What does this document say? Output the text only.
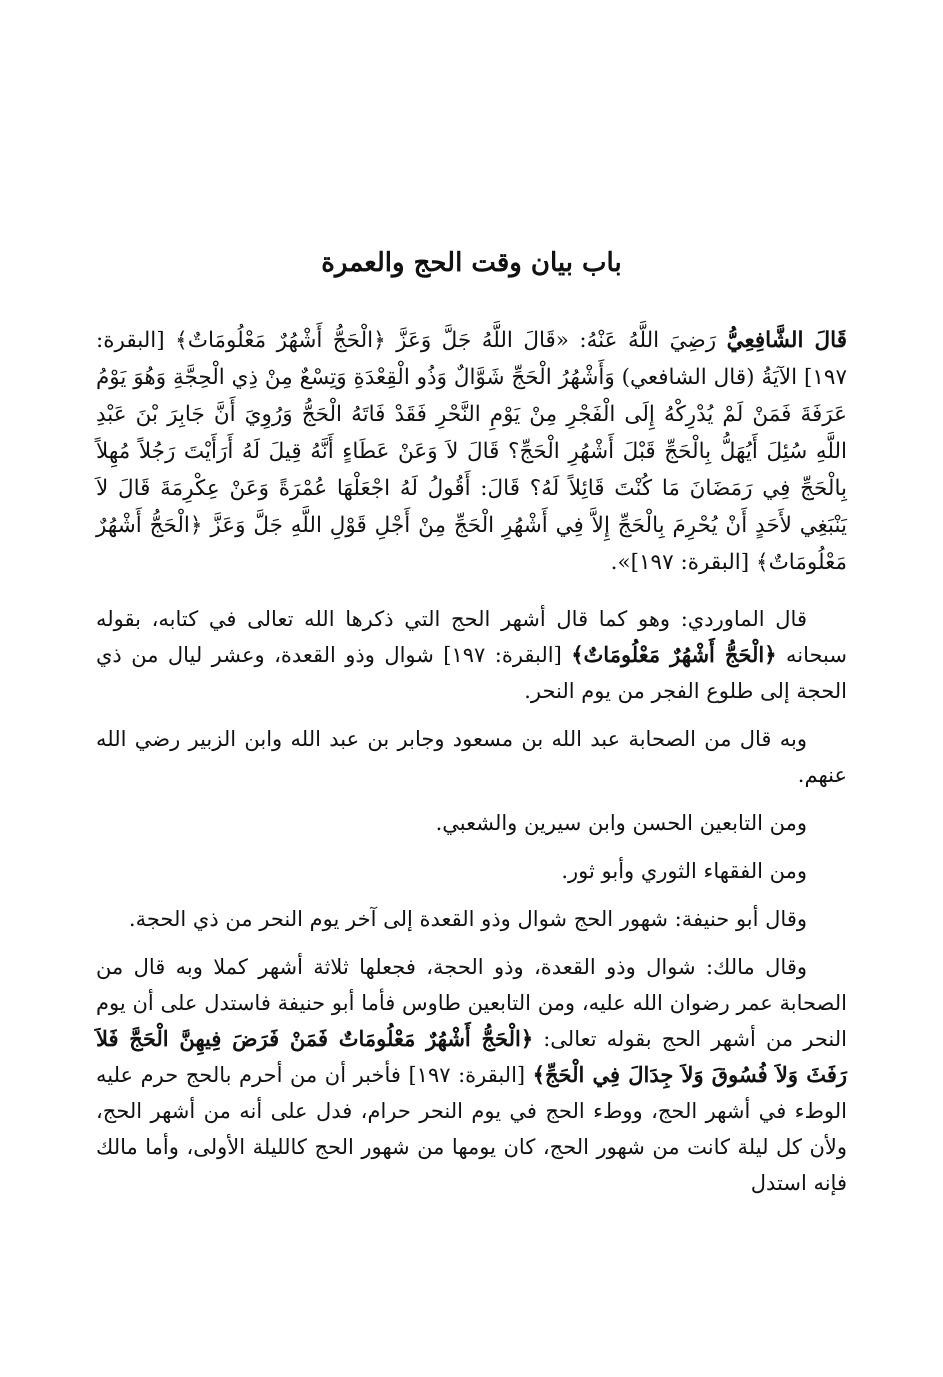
باب بيان وقت الحج والعمرة

قَالَ الشَّافِعِيُّ رَضِيَ اللَّهُ عَنْهُ: «قَالَ اللَّهُ جَلَّ وَعَزَّ ﴿الْحَجُّ أَشْهُرٌ مَعْلُومَاتٌ﴾ [البقرة: ١٩٧] الآيَةُ (قال الشافعي) وَأَشْهُرُ الْحَجِّ شَوَّالٌ وَذُو الْقِعْدَةِ وَتِسْعٌ مِنْ ذِي الْحِجَّةِ وَهُوَ يَوْمُ عَرَفَةَ فَمَنْ لَمْ يُدْرِكْهُ إِلَى الْفَجْرِ مِنْ يَوْمِ النَّحْرِ فَقَدْ فَاتَهُ الْحَجُّ وَرُوِيَ أَنَّ جَابِرَ بْنَ عَبْدِ اللَّهِ سُئِلَ أَيُهَلُّ بِالْحَجِّ قَبْلَ أَشْهُرِ الْحَجِّ؟ قَالَ لاَ وَعَنْ عَطَاءٍ أَنَّهُ قِيلَ لَهُ أَرَأَيْتَ رَجُلاً مُهِلاً بِالْحَجِّ فِي رَمَضَانَ مَا كُنْتَ قَائِلاً لَهُ؟ قَالَ: أَقُولُ لَهُ اجْعَلْهَا عُمْرَةً وَعَنْ عِكْرِمَةَ قَالَ لاَ يَنْبَغِي لأَحَدٍ أَنْ يُحْرِمَ بِالْحَجِّ إِلاَّ فِي أَشْهُرِ الْحَجِّ مِنْ أَجْلِ قَوْلِ اللَّهِ جَلَّ وَعَزَّ ﴿الْحَجُّ أَشْهُرٌ مَعْلُومَاتٌ﴾ [البقرة: ١٩٧]».

قال الماوردي: وهو كما قال أشهر الحج التي ذكرها الله تعالى في كتابه، بقوله سبحانه ﴿الْحَجُّ أَشْهُرٌ مَعْلُومَاتٌ﴾ [البقرة: ١٩٧] شوال وذو القعدة، وعشر ليال من ذي الحجة إلى طلوع الفجر من يوم النحر.

وبه قال من الصحابة عبد الله بن مسعود وجابر بن عبد الله وابن الزبير رضي الله عنهم.

ومن التابعين الحسن وابن سيرين والشعبي.

ومن الفقهاء الثوري وأبو ثور.

وقال أبو حنيفة: شهور الحج شوال وذو القعدة إلى آخر يوم النحر من ذي الحجة.

وقال مالك: شوال وذو القعدة، وذو الحجة، فجعلها ثلاثة أشهر كملا وبه قال من الصحابة عمر رضوان الله عليه، ومن التابعين طاوس فأما أبو حنيفة فاستدل على أن يوم النحر من أشهر الحج بقوله تعالى: ﴿الْحَجُّ أَشْهُرٌ مَعْلُومَاتٌ فَمَنْ فَرَضَ فِيهِنَّ الْحَجَّ فَلاَ رَفَثَ وَلاَ فُسُوقَ وَلاَ جِدَالَ فِي الْحَجِّ﴾ [البقرة: ١٩٧] فأخبر أن من أحرم بالحج حرم عليه الوطء في أشهر الحج، ووطء الحج في يوم النحر حرام، فدل على أنه من أشهر الحج، ولأن كل ليلة كانت من شهور الحج، كان يومها من شهور الحج كالليلة الأولى، وأما مالك فإنه استدل
